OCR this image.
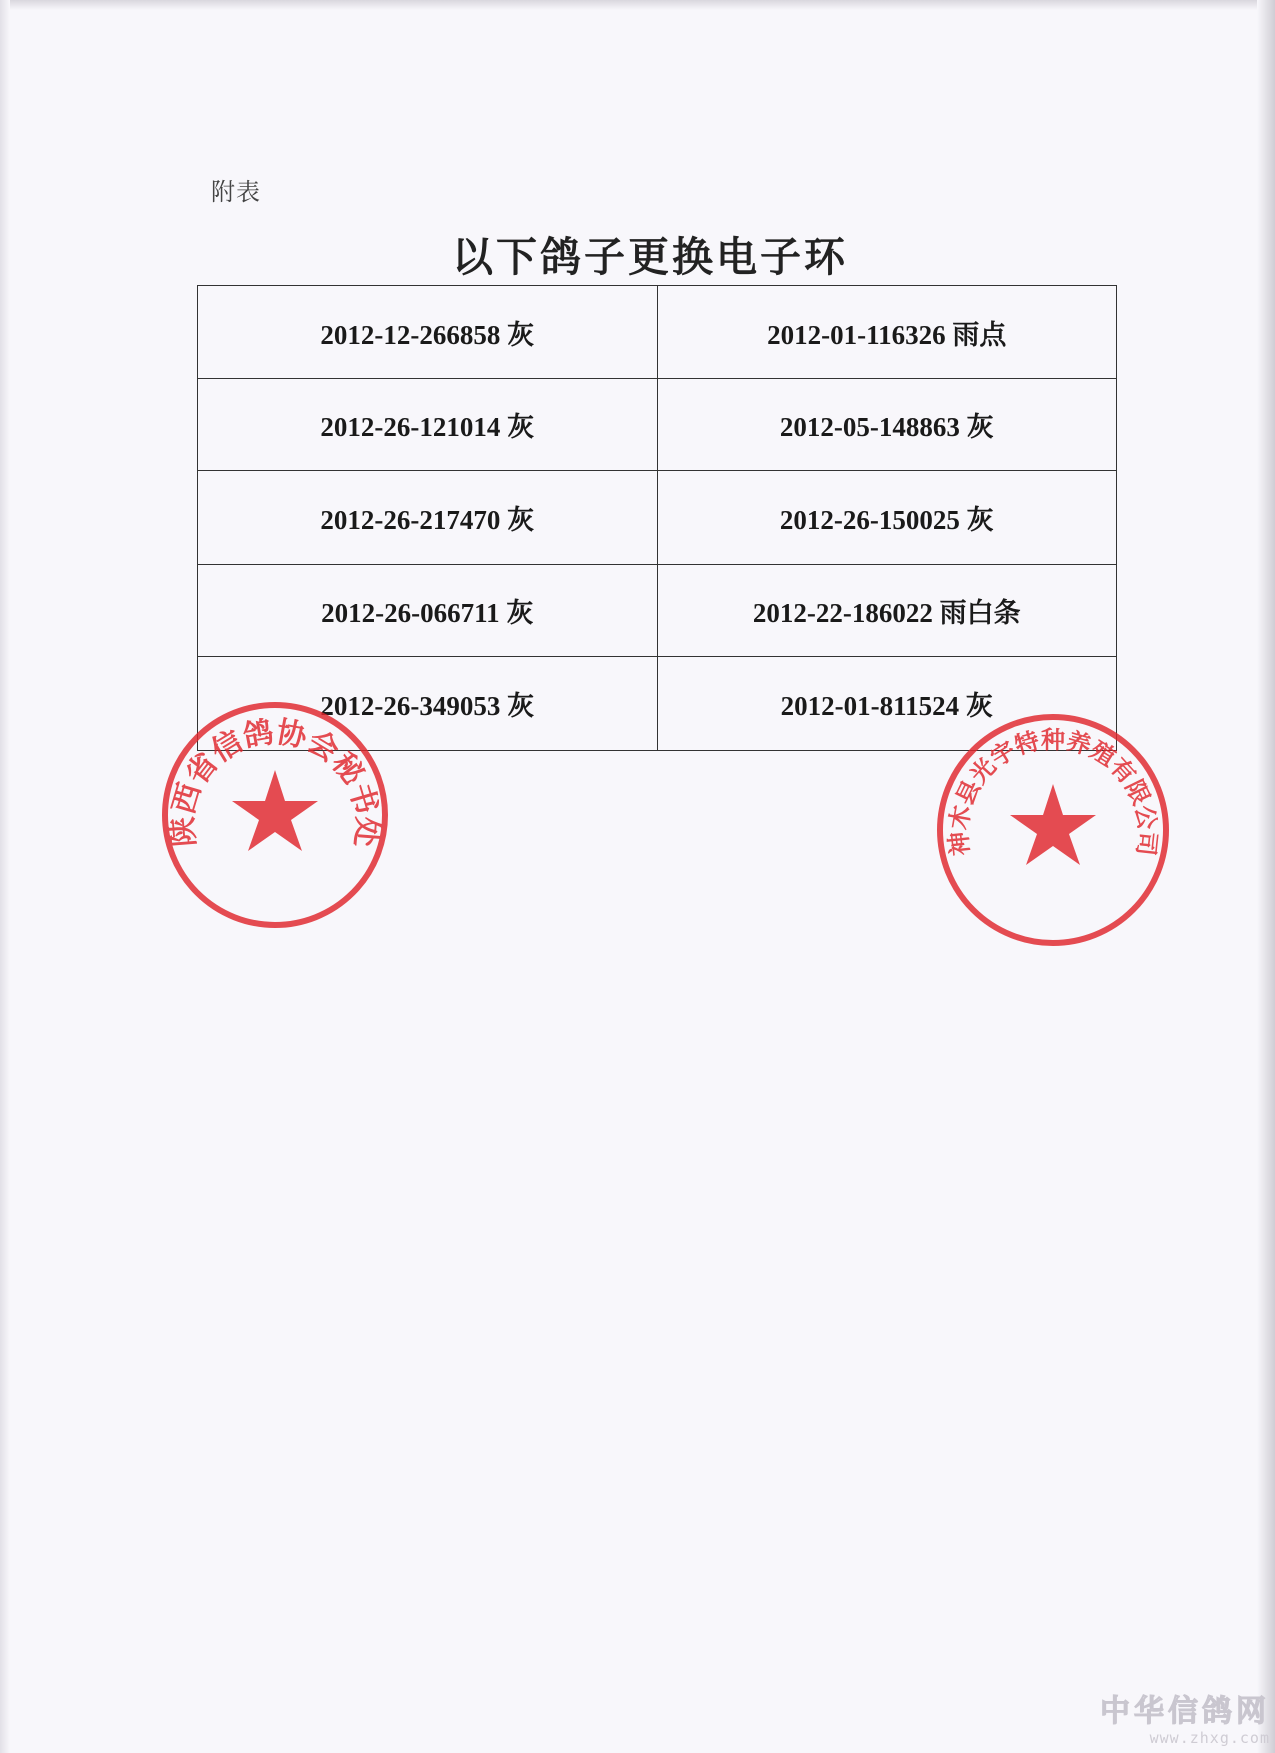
附表
以下鸽子更换电子环
2012-12-266858 灰	2012-01-116326 雨点
2012-26-121014 灰	2012-05-148863 灰
2012-26-217470 灰	2012-26-150025 灰
2012-26-066711 灰	2012-22-186022 雨白条
2012-26-349053 灰	2012-01-811524 灰
陕西省信鸽协会秘书处	神木县光宇特种养殖有限公司
中华信鸽网
www.zhxg.com
